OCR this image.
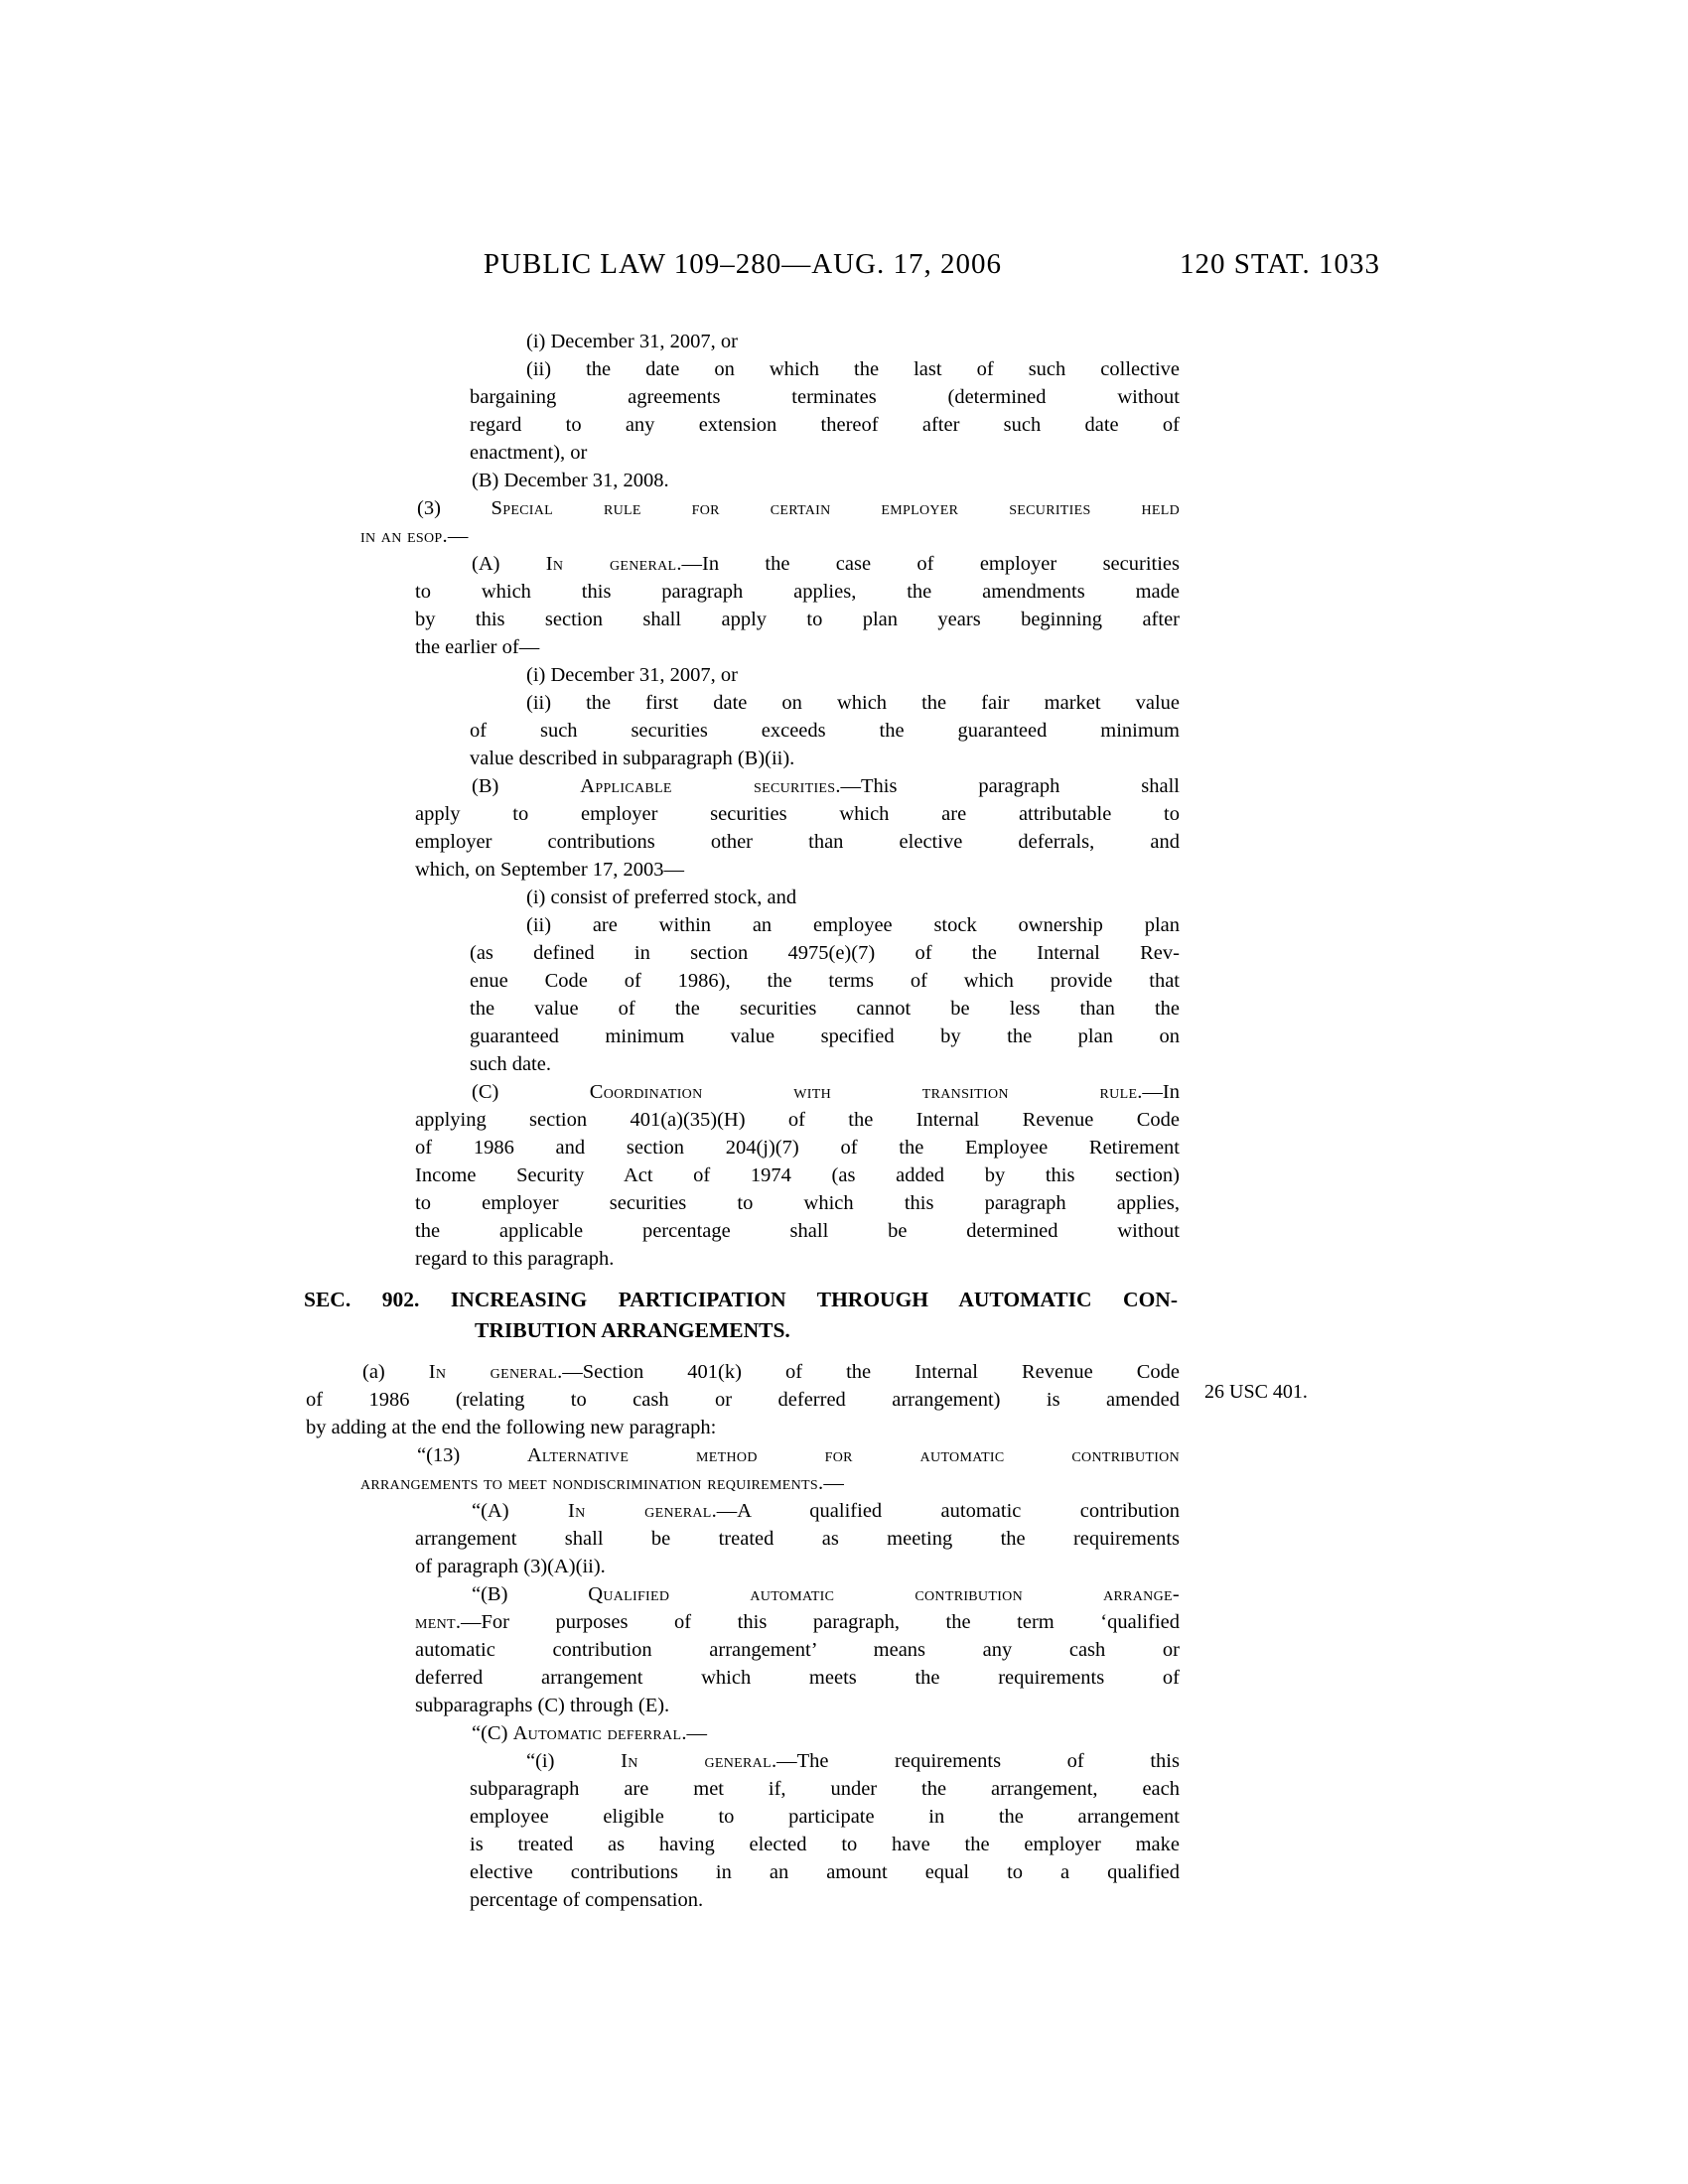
PUBLIC LAW 109–280—AUG. 17, 2006	120 STAT. 1033
(i) December 31, 2007, or
(ii) the date on which the last of such collective
bargaining agreements terminates (determined without
regard to any extension thereof after such date of
enactment), or
(B) December 31, 2008.
(3) Special rule for certain employer securities held
in an esop.—
(A) In general.—In the case of employer securities
to which this paragraph applies, the amendments made
by this section shall apply to plan years beginning after
the earlier of—
(i) December 31, 2007, or
(ii) the first date on which the fair market value
of such securities exceeds the guaranteed minimum
value described in subparagraph (B)(ii).
(B) Applicable securities.—This paragraph shall
apply to employer securities which are attributable to
employer contributions other than elective deferrals, and
which, on September 17, 2003—
(i) consist of preferred stock, and
(ii) are within an employee stock ownership plan
(as defined in section 4975(e)(7) of the Internal Rev-
enue Code of 1986), the terms of which provide that
the value of the securities cannot be less than the
guaranteed minimum value specified by the plan on
such date.
(C) Coordination with transition rule.—In
applying section 401(a)(35)(H) of the Internal Revenue Code
of 1986 and section 204(j)(7) of the Employee Retirement
Income Security Act of 1974 (as added by this section)
to employer securities to which this paragraph applies,
the applicable percentage shall be determined without
regard to this paragraph.
SEC. 902. INCREASING PARTICIPATION THROUGH AUTOMATIC CON-
TRIBUTION ARRANGEMENTS.
(a) In general.—Section 401(k) of the Internal Revenue Code
of 1986 (relating to cash or deferred arrangement) is amended
by adding at the end the following new paragraph:
“(13) Alternative method for automatic contribution
arrangements to meet nondiscrimination requirements.—
“(A) In general.—A qualified automatic contribution
arrangement shall be treated as meeting the requirements
of paragraph (3)(A)(ii).
“(B) Qualified automatic contribution arrange-
ment.—For purposes of this paragraph, the term ‘qualified
automatic contribution arrangement’ means any cash or
deferred arrangement which meets the requirements of
subparagraphs (C) through (E).
“(C) Automatic deferral.—
“(i) In general.—The requirements of this
subparagraph are met if, under the arrangement, each
employee eligible to participate in the arrangement
is treated as having elected to have the employer make
elective contributions in an amount equal to a qualified
percentage of compensation.
26 USC 401.
